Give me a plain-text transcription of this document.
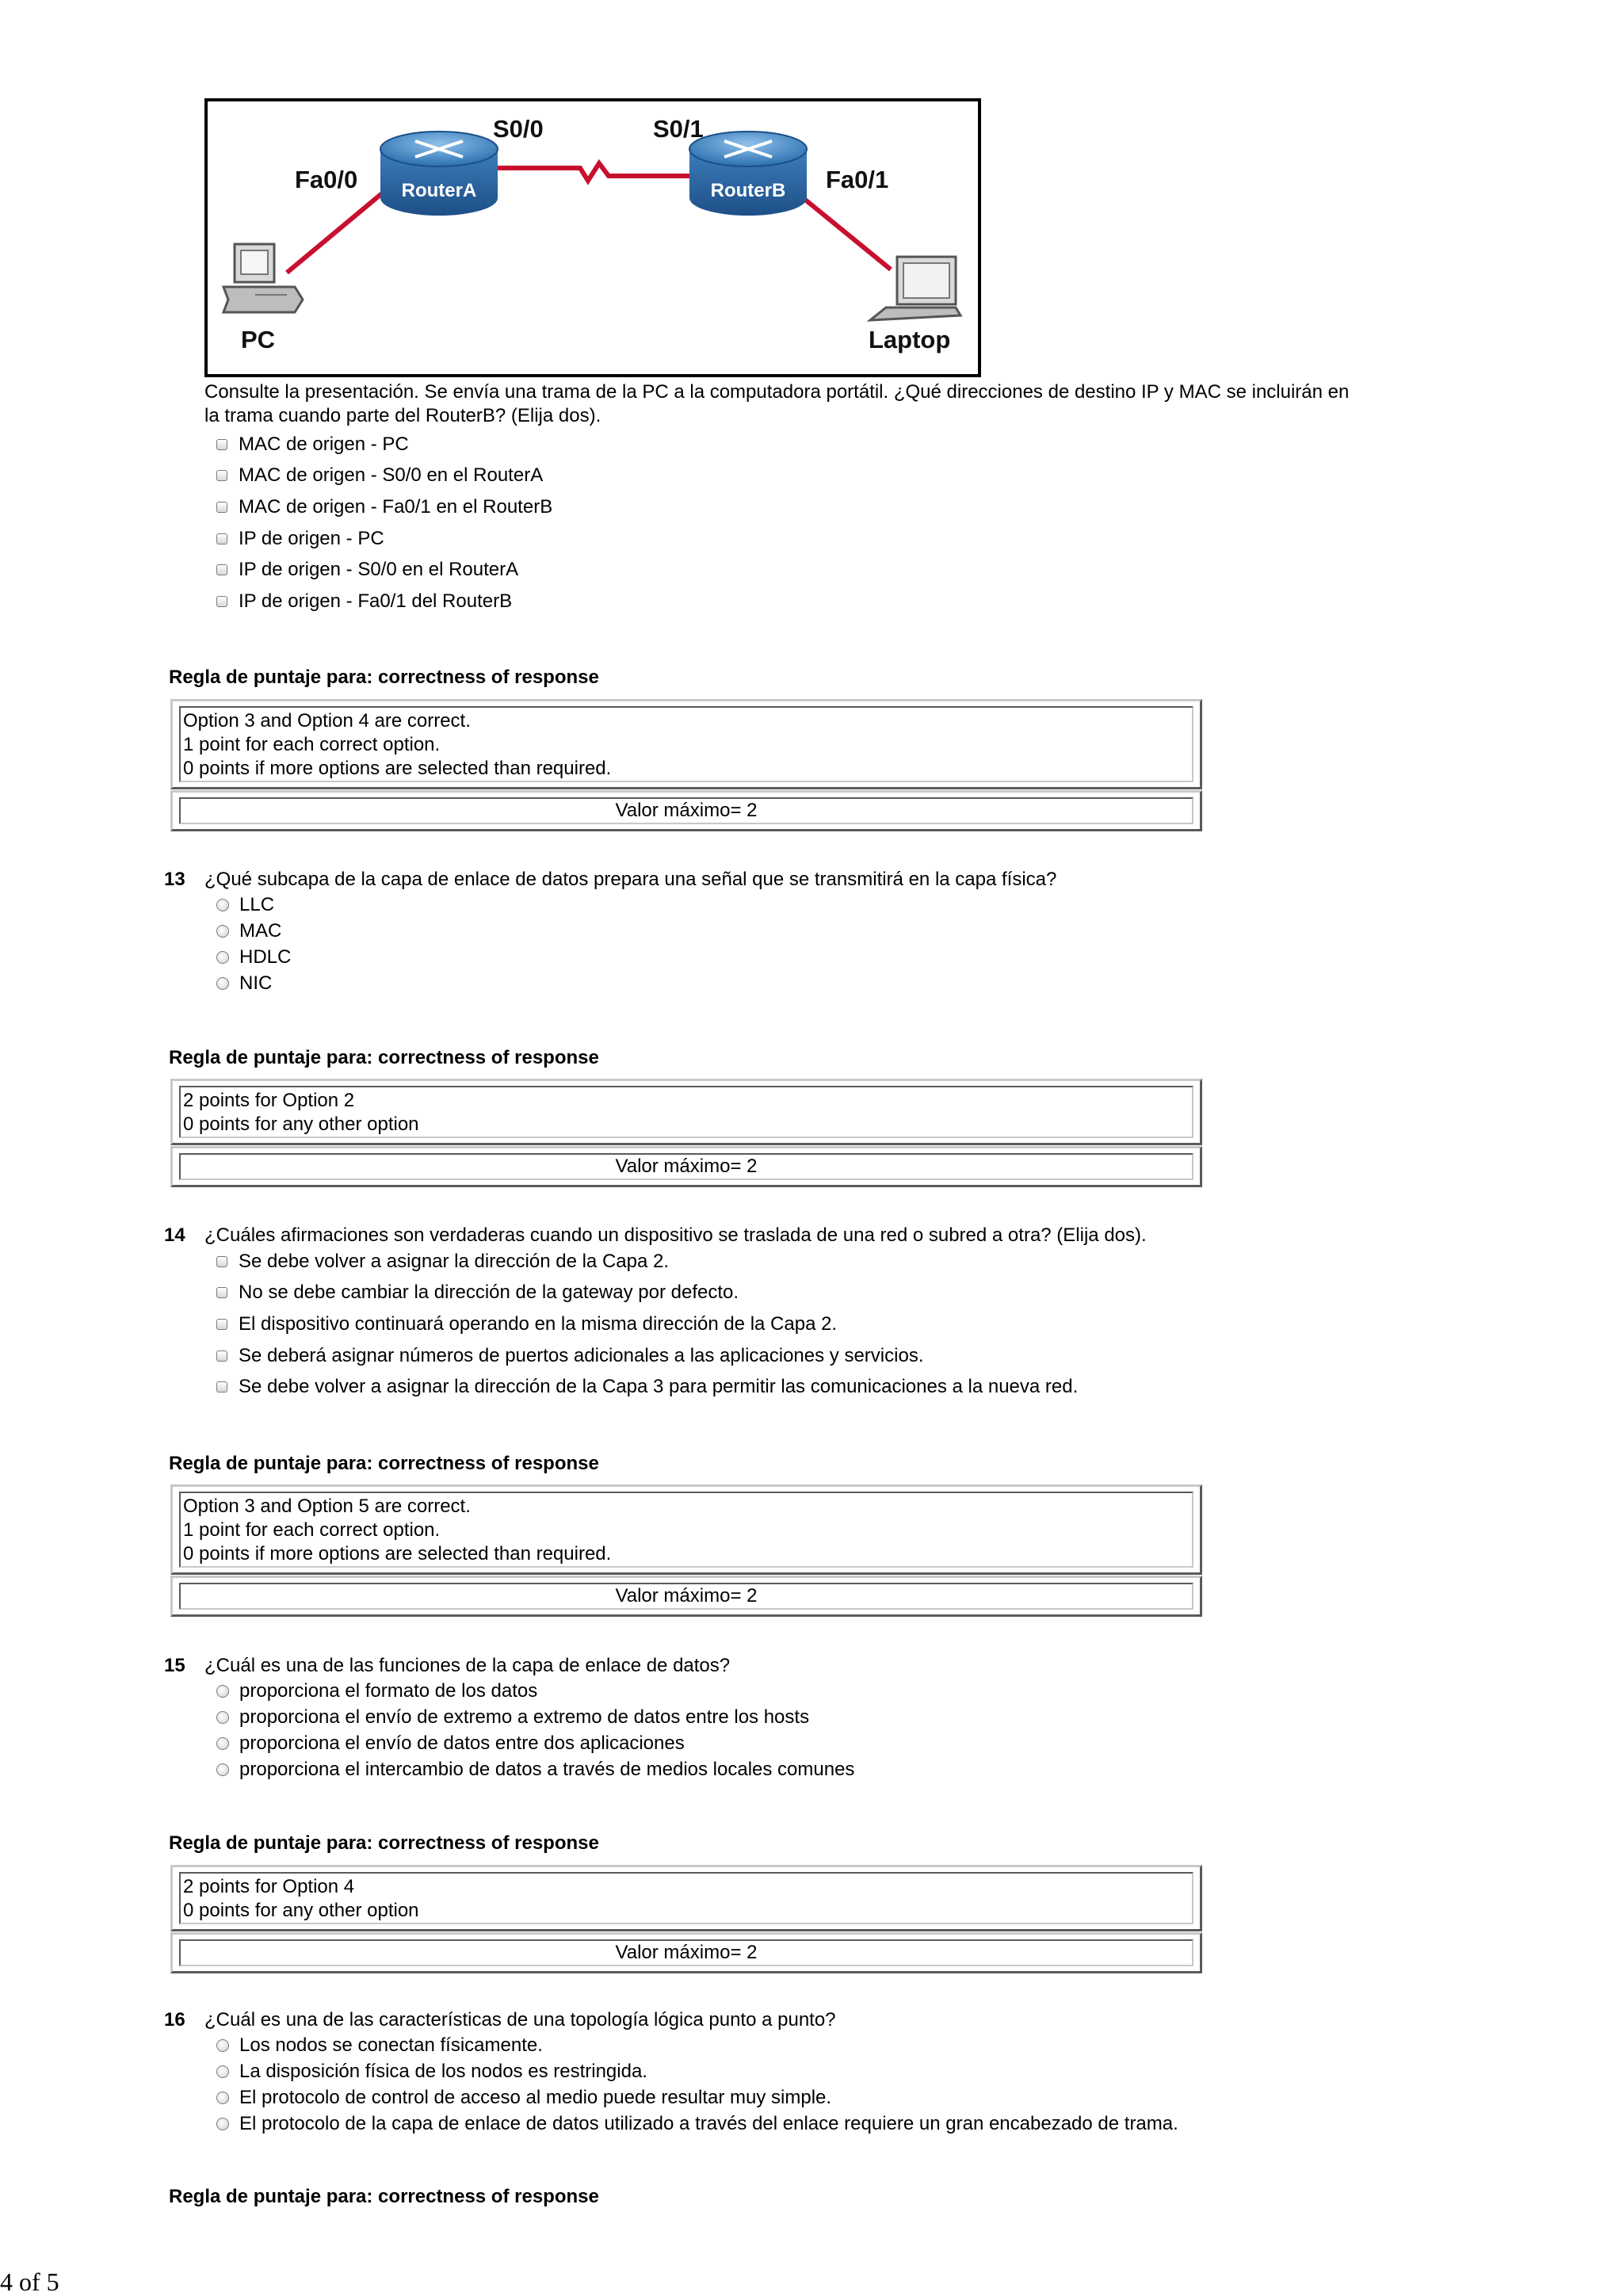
RouterA	RouterB
Fa0/0
S0/0	S0/1
Fa0/1
PC	Laptop
Consulte la presentación. Se envía una trama de la PC a la computadora portátil. ¿Qué direcciones de destino IP y MAC se incluirán en
la trama cuando parte del RouterB? (Elija dos).
MAC de origen - PC
MAC de origen - S0/0 en el RouterA
MAC de origen - Fa0/1 en el RouterB
IP de origen - PC
IP de origen - S0/0 en el RouterA
IP de origen - Fa0/1 del RouterB
Regla de puntaje para: correctness of response
Option 3 and Option 4 are correct.
1 point for each correct option.
0 points if more options are selected than required.
Valor máximo= 2
13 ¿Qué subcapa de la capa de enlace de datos prepara una señal que se transmitirá en la capa física?
LLC
MAC
HDLC
NIC
Regla de puntaje para: correctness of response
2 points for Option 2
0 points for any other option
Valor máximo= 2
14 ¿Cuáles afirmaciones son verdaderas cuando un dispositivo se traslada de una red o subred a otra? (Elija dos).
Se debe volver a asignar la dirección de la Capa 2.
No se debe cambiar la dirección de la gateway por defecto.
El dispositivo continuará operando en la misma dirección de la Capa 2.
Se deberá asignar números de puertos adicionales a las aplicaciones y servicios.
Se debe volver a asignar la dirección de la Capa 3 para permitir las comunicaciones a la nueva red.
Regla de puntaje para: correctness of response
Option 3 and Option 5 are correct.
1 point for each correct option.
0 points if more options are selected than required.
Valor máximo= 2
15 ¿Cuál es una de las funciones de la capa de enlace de datos?
proporciona el formato de los datos
proporciona el envío de extremo a extremo de datos entre los hosts
proporciona el envío de datos entre dos aplicaciones
proporciona el intercambio de datos a través de medios locales comunes
Regla de puntaje para: correctness of response
2 points for Option 4
0 points for any other option
Valor máximo= 2
16 ¿Cuál es una de las características de una topología lógica punto a punto?
Los nodos se conectan físicamente.
La disposición física de los nodos es restringida.
El protocolo de control de acceso al medio puede resultar muy simple.
El protocolo de la capa de enlace de datos utilizado a través del enlace requiere un gran encabezado de trama.
Regla de puntaje para: correctness of response
4 of 5
